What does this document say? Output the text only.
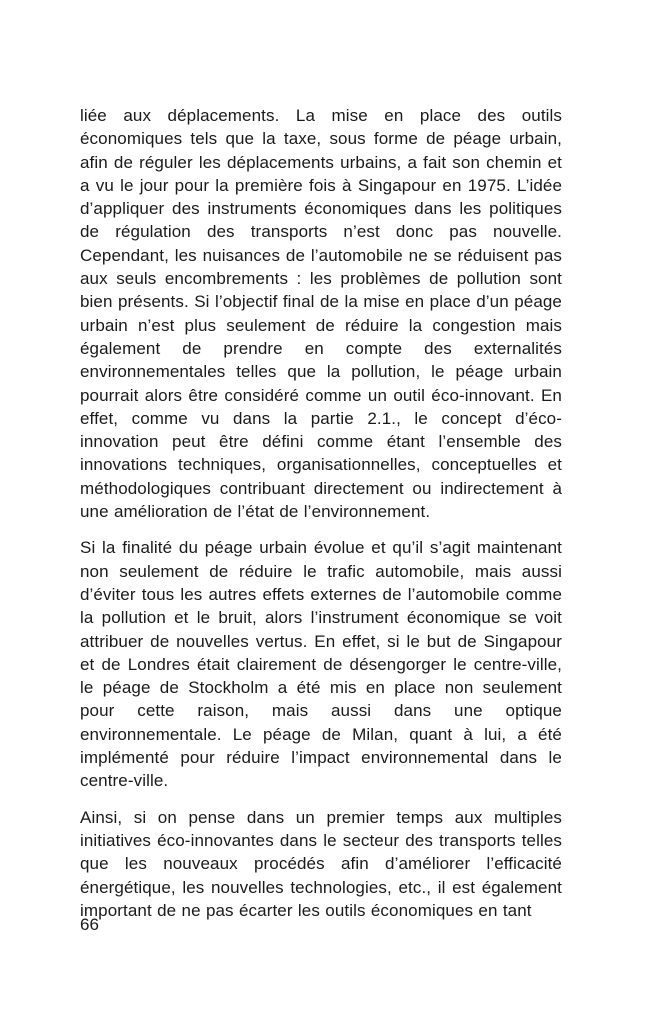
liée aux déplacements. La mise en place des outils économiques tels que la taxe, sous forme de péage urbain, afin de réguler les déplacements urbains, a fait son chemin et a vu le jour pour la première fois à Singapour en 1975. L’idée d’appliquer des instruments économiques dans les politiques de régulation des transports n’est donc pas nouvelle. Cependant, les nuisances de l’automobile ne se réduisent pas aux seuls encombrements : les problèmes de pollution sont bien présents. Si l’objectif final de la mise en place d’un péage urbain n’est plus seulement de réduire la congestion mais également de prendre en compte des externalités environnementales telles que la pollution, le péage urbain pourrait alors être considéré comme un outil éco-innovant. En effet, comme vu dans la partie 2.1., le concept d’éco-innovation peut être défini comme étant l’ensemble des innovations techniques, organisationnelles, conceptuelles et méthodologiques contribuant directement ou indirectement à une amélioration de l’état de l’environnement.

Si la finalité du péage urbain évolue et qu’il s’agit maintenant non seulement de réduire le trafic automobile, mais aussi d’éviter tous les autres effets externes de l’automobile comme la pollution et le bruit, alors l’instrument économique se voit attribuer de nouvelles vertus. En effet, si le but de Singapour et de Londres était clairement de désengorger le centre-ville, le péage de Stockholm a été mis en place non seulement pour cette raison, mais aussi dans une optique environnementale. Le péage de Milan, quant à lui, a été implémenté pour réduire l’impact environnemental dans le centre-ville.

Ainsi, si on pense dans un premier temps aux multiples initiatives éco-innovantes dans le secteur des transports telles que les nouveaux procédés afin d’améliorer l’efficacité énergétique, les nouvelles technologies, etc., il est également important de ne pas écarter les outils économiques en tant

66
